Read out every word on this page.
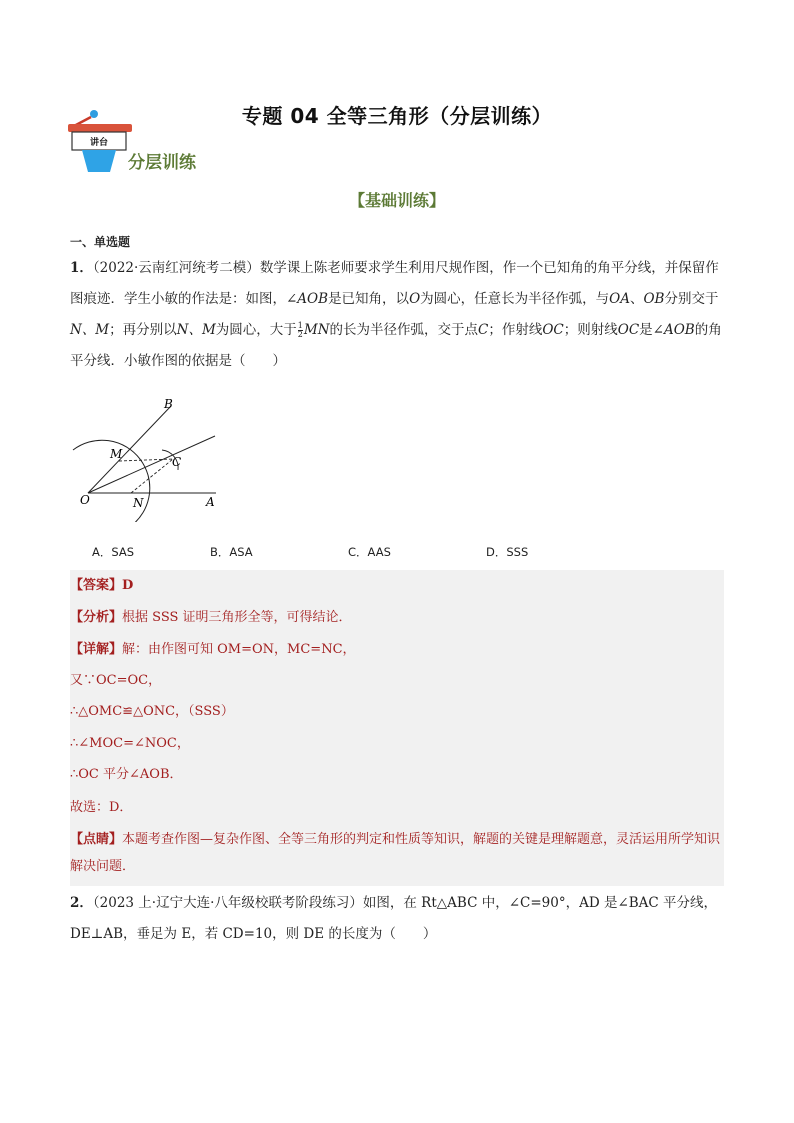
专题 04 全等三角形（分层训练）
讲台
分层训练
【基础训练】
一、单选题
1．（2022·云南红河统考二模）数学课上陈老师要求学生利用尺规作图，作一个已知角的角平分线，并保留作图痕迹．学生小敏的作法是：如图，∠AOB是已知角，以O为圆心，任意长为半径作弧，与OA、OB分别交于N、M；再分别以N、M为圆心，大于 $\frac{1}{2}$ MN的长为半径作弧，交于点C；作射线OC；则射线OC是∠AOB的角平分线．小敏作图的依据是（　　）
B
M
C
O	N	A
A．SAS	B．ASA	C．AAS	D．SSS
【答案】D
【分析】根据 SSS 证明三角形全等，可得结论．
【详解】解：由作图可知 OM=ON，MC=NC，
又∵OC=OC，
∴△OMC≌△ONC，（SSS）
∴∠MOC=∠NOC，
∴OC 平分∠AOB．
故选：D．
【点睛】本题考查作图—复杂作图、全等三角形的判定和性质等知识，解题的关键是理解题意，灵活运用所学知识解决问题．
2．（2023 上·辽宁大连·八年级校联考阶段练习）如图，在 Rt△ABC 中，∠C=90°，AD 是∠BAC 平分线，DE⊥AB，垂足为 E，若 CD=10，则 DE 的长度为（　　）
